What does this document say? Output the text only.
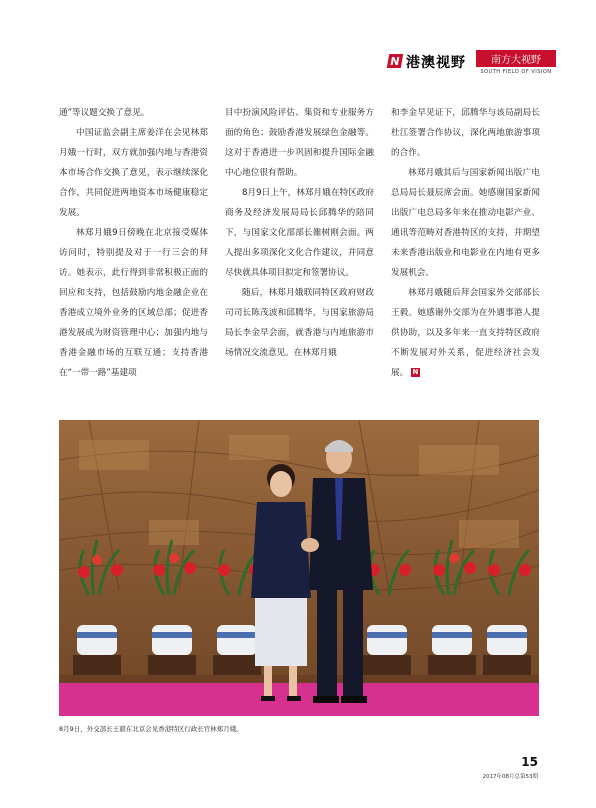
N 港澳视野	南方大视野
SOUTH FIELD OF VISION

通”等议题交换了意见。

中国证监会副主席姜洋在会见林郑月娥一行时，双方就加强内地与香港资本市场合作交换了意见，表示继续深化合作，共同促进两地资本市场健康稳定发展。

林郑月娥9日傍晚在北京接受媒体访问时，特别提及对于一行三会的拜访。她表示，此行得到非常积极正面的回应和支持，包括鼓励内地金融企业在香港成立境外业务的区域总部；促进香港发展成为财资管理中心；加强内地与香港金融市场的互联互通；支持香港在“一带一路”基建项

目中扮演风险评估、集资和专业服务方面的角色；鼓励香港发展绿色金融等。这对于香港进一步巩固和提升国际金融中心地位很有帮助。

8月9日上午，林郑月娥在特区政府商务及经济发展局局长邱腾华的陪同下，与国家文化部部长雒树刚会面。两人提出多项深化文化合作建议，并同意尽快就具体项目拟定和签署协议。

随后，林郑月娥联同特区政府财政司司长陈茂波和邱腾华，与国家旅游局局长李金早会面，就香港与内地旅游市场情况交流意见。在林郑月娥

和李金早见证下，邱腾华与该局副局长杜江签署合作协议，深化两地旅游事项的合作。

林郑月娥其后与国家新闻出版广电总局局长聂辰席会面。她感谢国家新闻出版广电总局多年来在推动电影产业、通讯等范畴对香港特区的支持，并期望未来香港出版业和电影业在内地有更多发展机会。

林郑月娥随后拜会国家外交部部长王毅。她感谢外交部为在外遇事港人提供协助，以及多年来一直支持特区政府不断发展对外关系，促进经济社会发展。 N

8月9日，外交部长王毅在北京会见香港特区行政长官林郑月娥。
15
2017年08月总第53期
